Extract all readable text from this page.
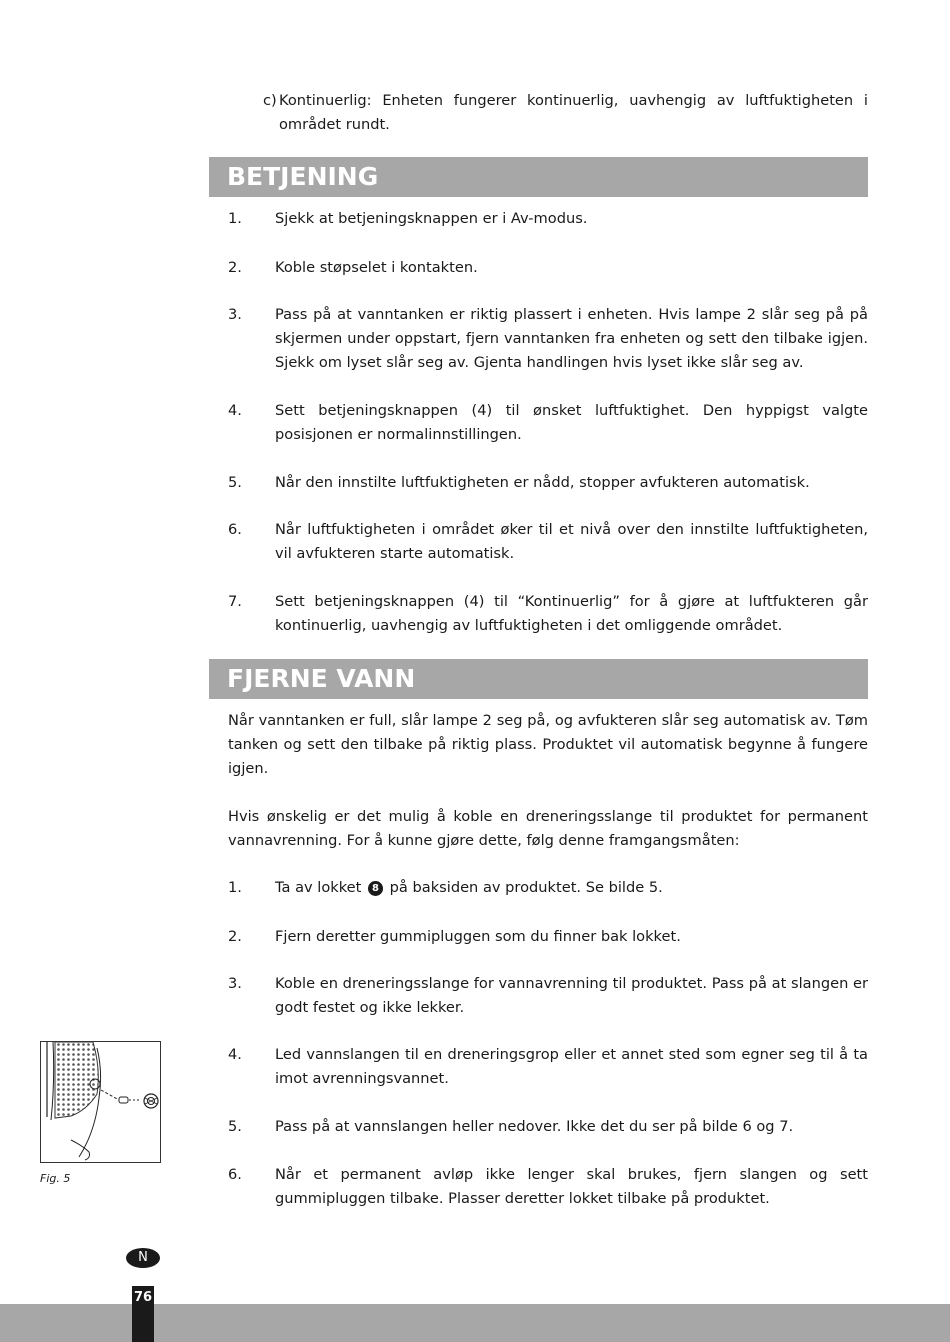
c) Kontinuerlig: Enheten fungerer kontinuerlig, uavhengig av luftfuktigheten i området rundt.
BETJENING
1.	Sjekk at betjeningsknappen er i Av-modus.
2.	Koble støpselet i kontakten.
3.	Pass på at vanntanken er riktig plassert i enheten. Hvis lampe 2 slår seg på på skjermen under oppstart, fjern vanntanken fra enheten og sett den tilbake igjen. Sjekk om lyset slår seg av. Gjenta handlingen hvis lyset ikke slår seg av.
4.	Sett betjeningsknappen (4) til ønsket luftfuktighet. Den hyppigst valgte posisjonen er normalinnstillingen.
5.	Når den innstilte luftfuktigheten er nådd, stopper avfukteren automatisk.
6.	Når luftfuktigheten i området øker til et nivå over den innstilte luftfuktigheten, vil avfukteren starte automatisk.
7.	Sett betjeningsknappen (4) til “Kontinuerlig” for å gjøre at luftfukteren går kontinuerlig, uavhengig av luftfuktigheten i det omliggende området.
FJERNE VANN
Når vanntanken er full, slår lampe 2 seg på, og avfukteren slår seg automatisk av. Tøm tanken og sett den tilbake på riktig plass. Produktet vil automatisk begynne å fungere igjen.
Hvis ønskelig er det mulig å koble en dreneringsslange til produktet for permanent vannavrenning. For å kunne gjøre dette, følg denne framgangsmåten:
1.	Ta av lokket 8 på baksiden av produktet. Se bilde 5.
2.	Fjern deretter gummipluggen som du finner bak lokket.
3.	Koble en dreneringsslange for vannavrenning til produktet. Pass på at slangen er godt festet og ikke lekker.
4.	Led vannslangen til en dreneringsgrop eller et annet sted som egner seg til å ta imot avrenningsvannet.
5.	Pass på at vannslangen heller nedover. Ikke det du ser på bilde 6 og 7.
6.	Når et permanent avløp ikke lenger skal brukes, fjern slangen og sett gummipluggen tilbake. Plasser deretter lokket tilbake på produktet.
Fig. 5
N
76
